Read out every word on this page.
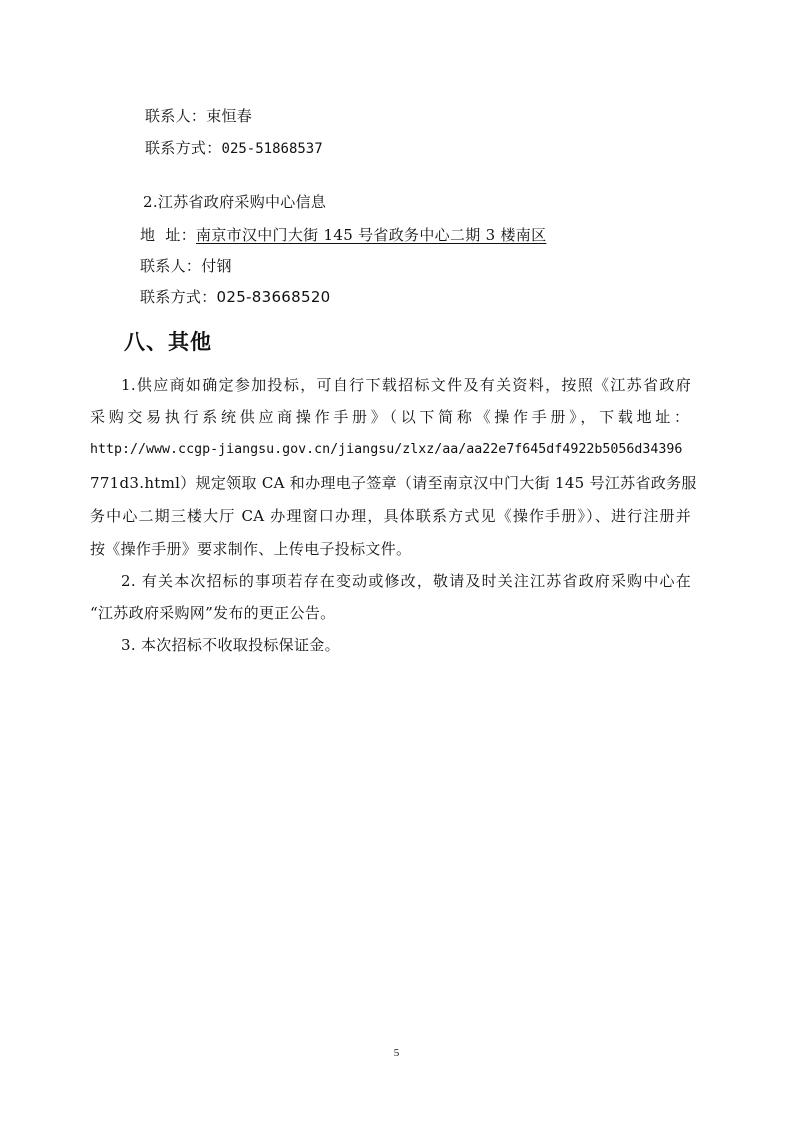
联系人：束恒春
联系方式：025-51868537
2.江苏省政府采购中心信息
地  址：南京市汉中门大街 145 号省政务中心二期 3 楼南区
联系人：付钢
联系方式：025-83668520
八、其他
1.供应商如确定参加投标，可自行下载招标文件及有关资料，按照《江苏省政府
采购交易执行系统供应商操作手册》（以下简称《操作手册》，下载地址：
http://www.ccgp-jiangsu.gov.cn/jiangsu/zlxz/aa/aa22e7f645df4922b5056d34396
771d3.html）规定领取 CA 和办理电子签章（请至南京汉中门大街 145 号江苏省政务服
务中心二期三楼大厅 CA 办理窗口办理，具体联系方式见《操作手册》）、进行注册并
按《操作手册》要求制作、上传电子投标文件。
2. 有关本次招标的事项若存在变动或修改，敬请及时关注江苏省政府采购中心在
“江苏政府采购网”发布的更正公告。
3. 本次招标不收取投标保证金。
5
